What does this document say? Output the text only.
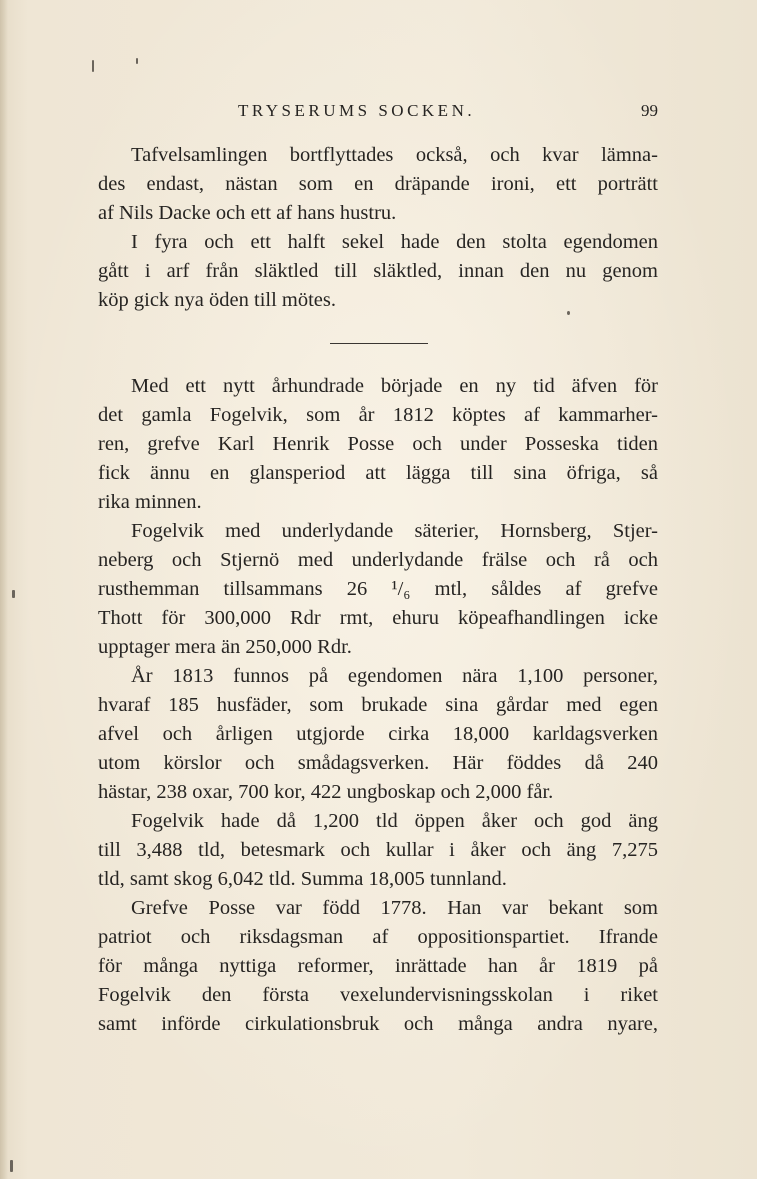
TRYSERUMS SOCKEN.	99
Tafvelsamlingen bortflyttades också, och kvar lämna-
des endast, nästan som en dräpande ironi, ett porträtt
af Nils Dacke och ett af hans hustru.
I fyra och ett halft sekel hade den stolta egendomen
gått i arf från släktled till släktled, innan den nu genom
köp gick nya öden till mötes.
Med ett nytt århundrade började en ny tid äfven för
det gamla Fogelvik, som år 1812 köptes af kammarher-
ren, grefve Karl Henrik Posse och under Posseska tiden
fick ännu en glansperiod att lägga till sina öfriga, så
rika minnen.
Fogelvik med underlydande säterier, Hornsberg, Stjer-
neberg och Stjernö med underlydande frälse och rå och
rusthemman tillsammans 26 ¹/₆ mtl, såldes af grefve
Thott för 300,000 Rdr rmt, ehuru köpeafhandlingen icke
upptager mera än 250,000 Rdr.
År 1813 funnos på egendomen nära 1,100 personer,
hvaraf 185 husfäder, som brukade sina gårdar med egen
afvel och årligen utgjorde cirka 18,000 karldagsverken
utom körslor och smådagsverken. Här föddes då 240
hästar, 238 oxar, 700 kor, 422 ungboskap och 2,000 får.
Fogelvik hade då 1,200 tld öppen åker och god äng
till 3,488 tld, betesmark och kullar i åker och äng 7,275
tld, samt skog 6,042 tld. Summa 18,005 tunnland.
Grefve Posse var född 1778. Han var bekant som
patriot och riksdagsman af oppositionspartiet. Ifrande
för många nyttiga reformer, inrättade han år 1819 på
Fogelvik den första vexelundervisningsskolan i riket
samt införde cirkulationsbruk och många andra nyare,
